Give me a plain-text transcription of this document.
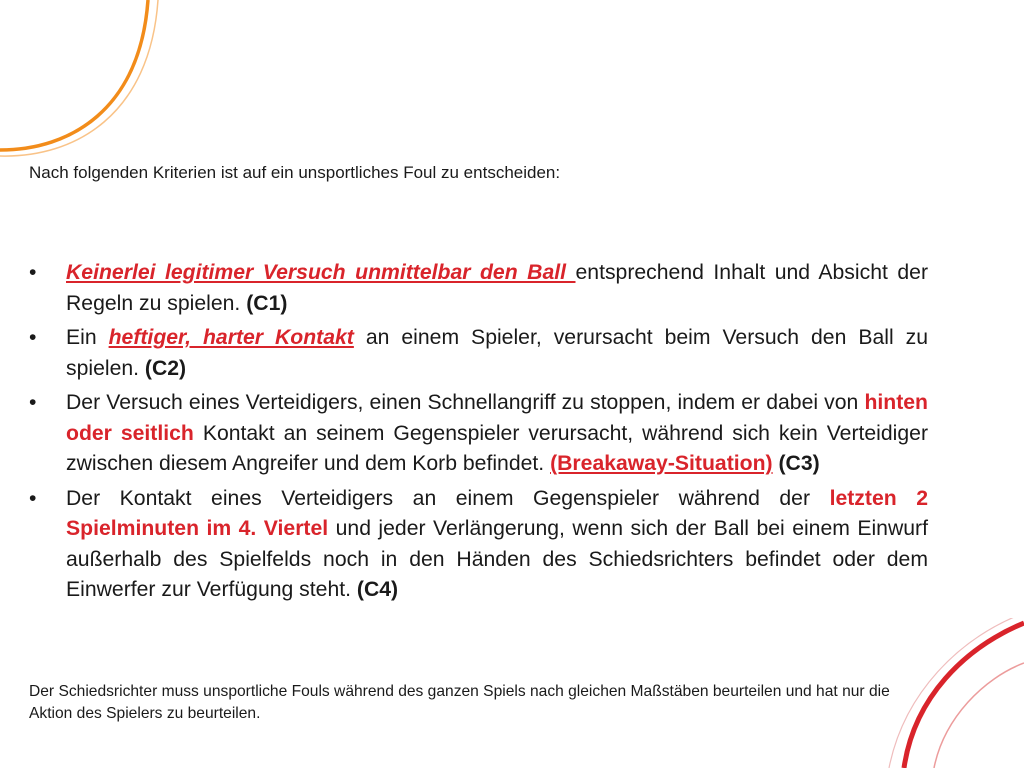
Nach folgenden Kriterien ist auf ein unsportliches Foul zu entscheiden:
•	Keinerlei legitimer Versuch unmittelbar den Ball entsprechend Inhalt und Absicht der Regeln zu spielen. (C1)
•	Ein heftiger, harter Kontakt an einem Spieler, verursacht beim Versuch den Ball zu spielen. (C2)
•	Der Versuch eines Verteidigers, einen Schnellangriff zu stoppen, indem er dabei von hinten oder seitlich Kontakt an seinem Gegenspieler verursacht, während sich kein Verteidiger zwischen diesem Angreifer und dem Korb befindet. (Breakaway-Situation) (C3)
•	Der Kontakt eines Verteidigers an einem Gegenspieler während der letzten 2 Spielminuten im 4. Viertel und jeder Verlängerung, wenn sich der Ball bei einem Einwurf außerhalb des Spielfelds noch in den Händen des Schiedsrichters befindet oder dem Einwerfer zur Verfügung steht. (C4)
Der Schiedsrichter muss unsportliche Fouls während des ganzen Spiels nach gleichen Maßstäben beurteilen und hat nur die Aktion des Spielers zu beurteilen.
